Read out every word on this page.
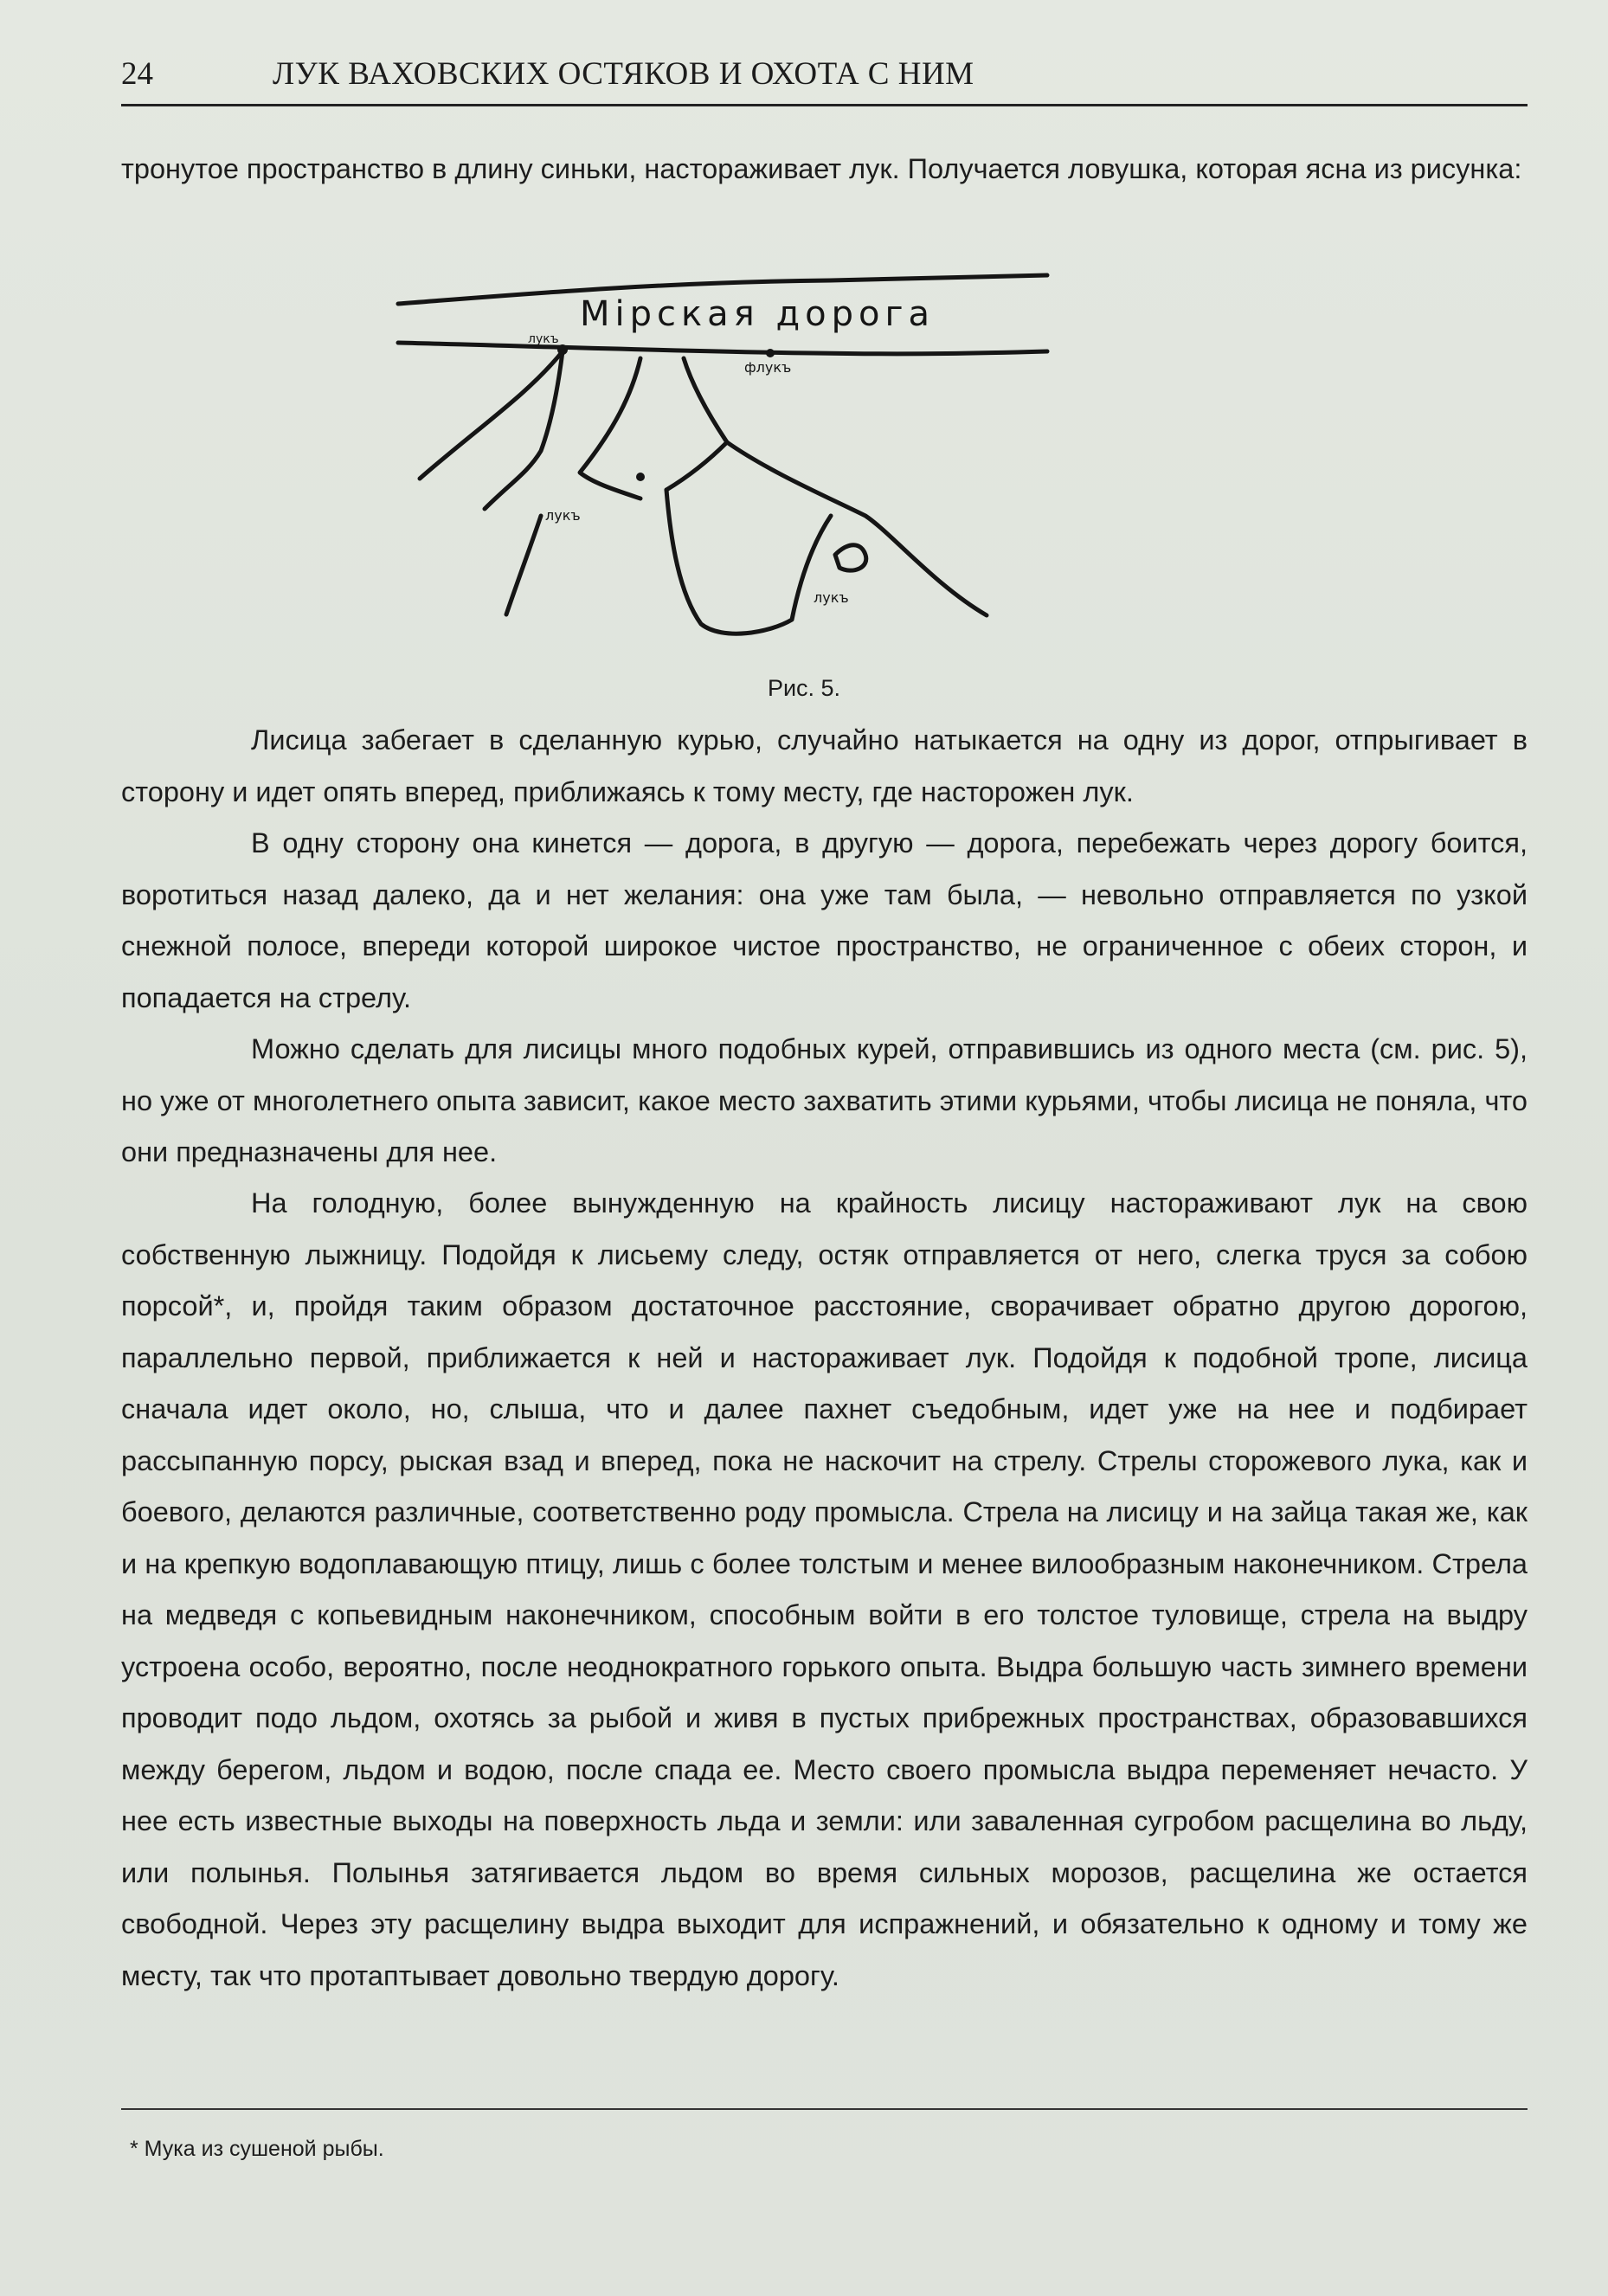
24	ЛУК ВАХОВСКИХ ОСТЯКОВ И ОХОТА С НИМ

тронутое пространство в длину синьки, настораживает лук. Получается ловушка, которая ясна из рисунка:

Мірская дорога
лукъ
флукъ
лукъ
лукъ
Рис. 5.

Лисица забегает в сделанную курью, случайно натыкается на одну из дорог, отпрыгивает в сторону и идет опять вперед, приближаясь к тому месту, где насторожен лук.

В одну сторону она кинется — дорога, в другую — дорога, перебежать через дорогу боится, воротиться назад далеко, да и нет желания: она уже там была, — невольно отправляется по узкой снежной полосе, впереди которой широкое чистое пространство, не ограниченное с обеих сторон, и попадается на стрелу.

Можно сделать для лисицы много подобных курей, отправившись из одного места (см. рис. 5), но уже от многолетнего опыта зависит, какое место захватить этими курьями, чтобы лисица не поняла, что они предназначены для нее.

На голодную, более вынужденную на крайность лисицу настораживают лук на свою собственную лыжницу. Подойдя к лисьему следу, остяк отправляется от него, слегка труся за собою порсой*, и, пройдя таким образом достаточное расстояние, сворачивает обратно другою дорогою, параллельно первой, приближается к ней и настораживает лук. Подойдя к подобной тропе, лисица сначала идет около, но, слыша, что и далее пахнет съедобным, идет уже на нее и подбирает рассыпанную порсу, рыская взад и вперед, пока не наскочит на стрелу. Стрелы сторожевого лука, как и боевого, делаются различные, соответственно роду промысла. Стрела на лисицу и на зайца такая же, как и на крепкую водоплавающую птицу, лишь с более толстым и менее вилообразным наконечником. Стрела на медведя с копьевидным наконечником, способным войти в его толстое туловище, стрела на выдру устроена особо, вероятно, после неоднократного горького опыта. Выдра большую часть зимнего времени проводит подо льдом, охотясь за рыбой и живя в пустых прибрежных пространствах, образовавшихся между берегом, льдом и водою, после спада ее. Место своего промысла выдра переменяет нечасто. У нее есть известные выходы на поверхность льда и земли: или заваленная сугробом расщелина во льду, или полынья. Полынья затягивается льдом во время сильных морозов, расщелина же остается свободной. Через эту расщелину выдра выходит для испражнений, и обязательно к одному и тому же месту, так что протаптывает довольно твердую дорогу.

* Мука из сушеной рыбы.
